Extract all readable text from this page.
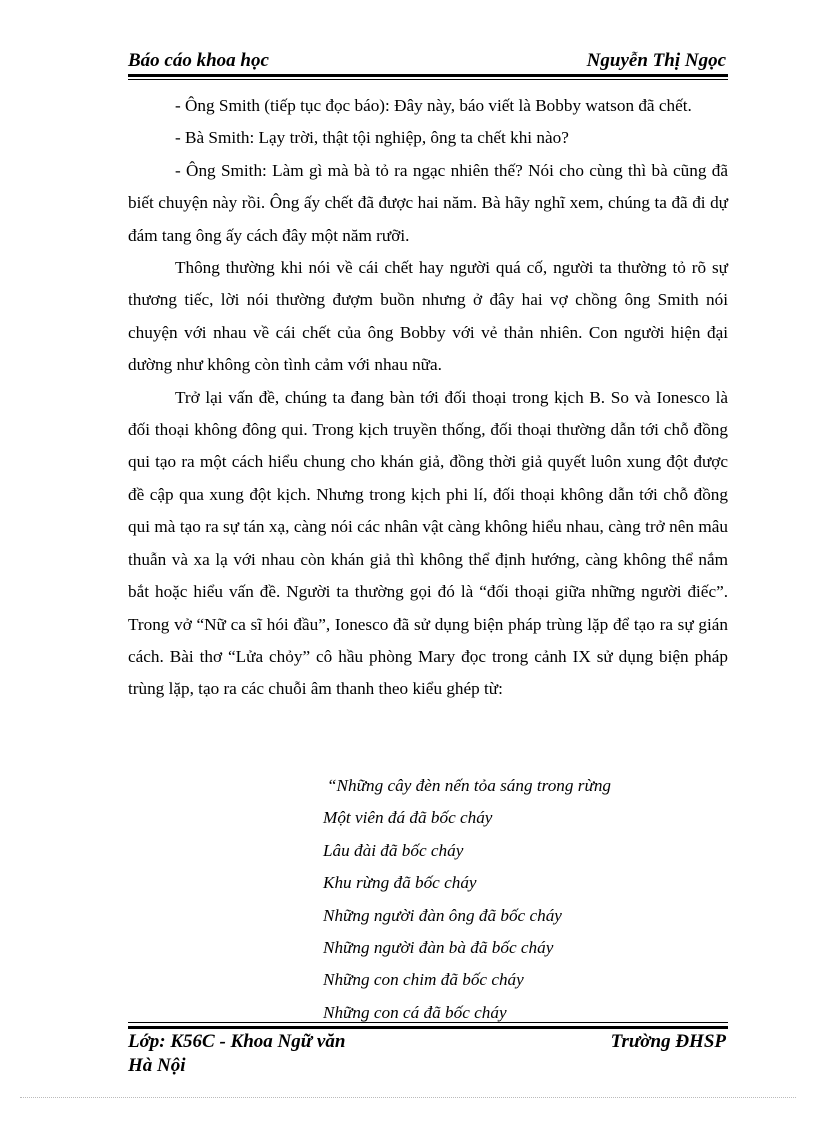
Báo cáo khoa học	Nguyễn Thị Ngọc

- Ông Smith (tiếp tục đọc báo): Đây này, báo viết là Bobby watson đã chết.

- Bà Smith: Lạy trời, thật tội nghiệp, ông ta chết khi nào?

- Ông Smith: Làm gì mà bà tỏ ra ngạc nhiên thế? Nói cho cùng thì bà cũng đã biết chuyện này rồi. Ông ấy chết đã được hai năm. Bà hãy nghĩ xem, chúng ta đã đi dự đám tang ông ấy cách đây một năm rưỡi.

Thông thường khi nói về cái chết hay người quá cố, người ta thường tỏ rõ sự thương tiếc, lời nói thường đượm buồn nhưng ở đây hai vợ chồng ông Smith nói chuyện với nhau về cái chết của ông Bobby với vẻ thản nhiên. Con người hiện đại dường như không còn tình cảm với nhau nữa.

Trở lại vấn đề, chúng ta đang bàn tới đối thoại trong kịch B. So và Ionesco là đối thoại không đông qui. Trong kịch truyền thống, đối thoại thường dẫn tới chỗ đồng qui tạo ra một cách hiểu chung cho khán giả, đồng thời giả quyết luôn xung đột được đề cập qua xung đột kịch. Nhưng trong kịch phi lí, đối thoại không dẫn tới chỗ đồng qui mà tạo ra sự tán xạ, càng nói các nhân vật càng không hiểu nhau, càng trở nên mâu thuẫn và xa lạ với nhau còn khán giả thì không thể định hướng, càng không thể nắm bắt hoặc hiểu vấn đề. Người ta thường gọi đó là “đối thoại giữa những người điếc”. Trong vở “Nữ ca sĩ hói đầu”, Ionesco đã sử dụng biện pháp trùng lặp để tạo ra sự gián cách. Bài thơ “Lửa chỏy” cô hầu phòng Mary đọc trong cảnh IX sử dụng biện pháp trùng lặp, tạo ra các chuỗi âm thanh theo kiểu ghép từ:

“Những cây đèn nến tỏa sáng trong rừng
Một viên đá đã bốc cháy
Lâu đài đã bốc cháy
Khu rừng đã bốc cháy
Những người đàn ông đã bốc cháy
Những người đàn bà đã bốc cháy
Những con chim đã bốc cháy
Những con cá đã bốc cháy
Lớp: K56C - Khoa Ngữ văn	Trường ĐHSP
Hà Nội
